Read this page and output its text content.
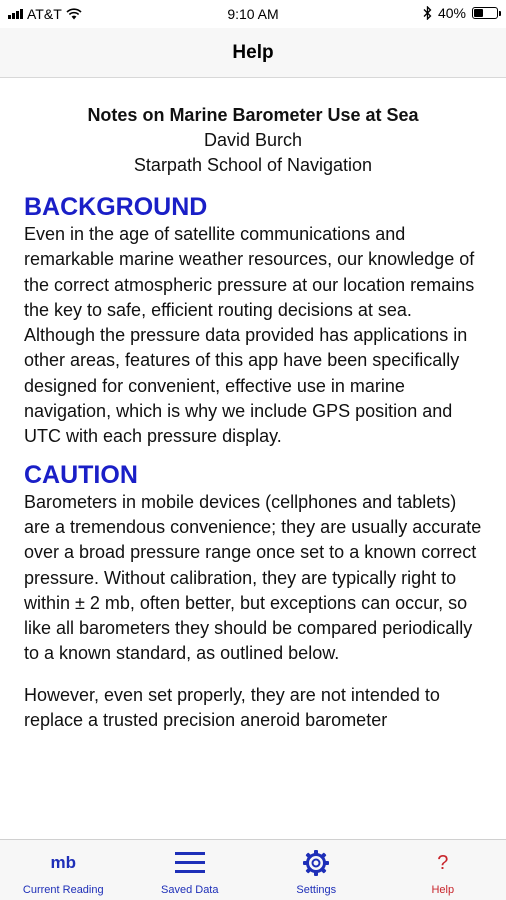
AT&T	9:10 AM	40%
Help
Notes on Marine Barometer Use at Sea
David Burch
Starpath School of Navigation
BACKGROUND

Even in the age of satellite communications and remarkable marine weather resources, our knowledge of the correct atmospheric pressure at our location remains the key to safe, efficient routing decisions at sea. Although the pressure data provided has applications in other areas, features of this app have been specifically designed for convenient, effective use in marine navigation, which is why we include GPS position and UTC with each pressure display.

CAUTION

Barometers in mobile devices (cellphones and tablets) are a tremendous convenience; they are usually accurate over a broad pressure range once set to a known correct pressure. Without calibration, they are typically right to within ± 2 mb, often better, but exceptions can occur, so like all barometers they should be compared periodically to a known standard, as outlined below.

However, even set properly, they are not intended to replace a trusted precision aneroid barometer

mb
Current Reading	Saved Data	Settings
?
Help
